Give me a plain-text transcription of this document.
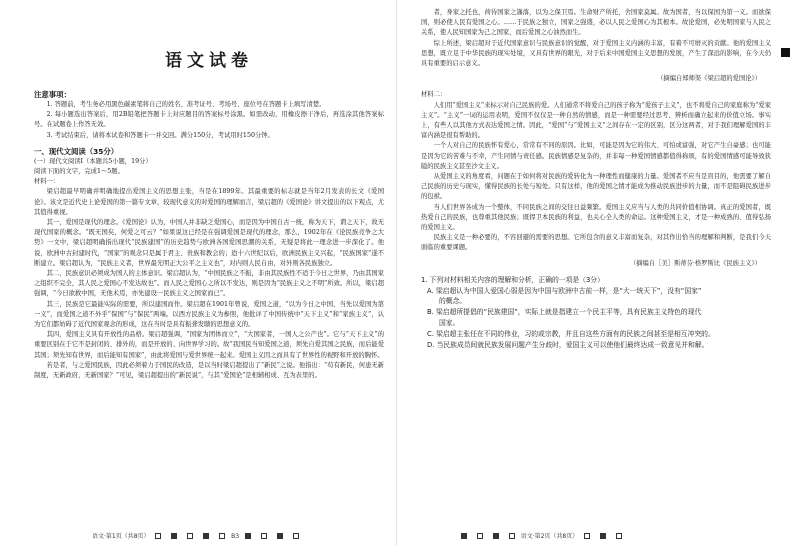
语文试卷
注意事项：

1. 答题前，考生务必用黑色碳素笔将自己的姓名、准考证号、考场号、座位号在答题卡上填写清楚。

2. 每小题选出答案后，用2B铅笔把答题卡上对应题目的答案标号涂黑。如需改动，用橡皮擦干净后，再选涂其他答案标号。在试题卷上作答无效。

3. 考试结束后，请将本试卷和答题卡一并交回。满分150分，考试用时150分钟。

一、现代文阅读（35分）

(一）现代文阅读Ⅰ（本题共5小题，19分）

阅读下面的文字，完成1～5题。

材料一：

梁启超最早明确并明确地提出爱国主义的思想主张，当是在1899年。其最重要的标志就是当年2月发表的长文《爱国论》。该文是近代史上论爱国的第一篇专文章，较现代意义的对爱国的理解而言，梁启超的《爱国论》讲文提出的以下观点，尤其值得重视。

其一，爱国是现代的理念。《爱国论》认为，中国人并非缺乏爱国心，而是因为中国自古一统，称为天下，谓之天下，故无现代国家的概念。“既无国矣，何爱之可云？”如果说这已经是在强调爱国是现代的理念，那么，1902年在《论民族竞争之大势》一文中，梁启超明确指出现代“民族建国”的历史趋势与欧洲各国爱国思潮的关系，无疑是将此一理念进一步深化了。他说，欧洲中古封建时代，“国家”的观念只是属于君主、贵族和教会的；迨十六世纪以后，欧洲民族主义兴起，“民族国家”遂不断建立。梁启超认为，“民族主义者，世界最光明正大公平之主义也”，对内则人民自由，对外则各民族独立。

其二，民族意识必须成为国人的主体意识。梁启超认为，“中国民族之不振，非由其民族性不适于今日之世界，乃由其国家之组织不完全，其人民之爱国心不发达故也”。而人民之爱国心之所以不发达，则是因为“民族主义之不明”所致。所以，梁启超强调，“今日欲救中国，无他术焉，亦先建设一民族主义之国家而已”。

其三，民族是它最能实际的需要，所以建国而作。梁启超在1901年曾说，爱国之道，“以为今日之中国，当先以爱国为第一义”，而爱国之道不外乎“保国”与“保民”两端。以西方民族主义为参照，他批评了中国传统中“天下主义”和“家族主义”，认为它们都妨碍了近代国家观念的形成，这在当时是具有振聋发聩的思想意义的。

其四，爱国主义具有开放性的品格。梁启超强调，“国家为团体而立”，“大国家者，一国人之公产也”。它与“天下主义”的重要区别在于它不是封闭的、排外的，而是开放的、向世界学习的。故“我国民当知爱国之道，须先自爱其国之民族，而后能爱其国；须先知有世界，而后能知有国家”，由此将爱国与爱世界统一起来。爱国主义因之而具有了世界性的视野和开放的胸怀。

若是者，与之爱国民族，因此必须着力于国民的改造，是以当时梁启超提出了“新民”之说。他指出：“苟有新民，何患无新制度，无新政府，无新国家？”可见，梁启超提出的“新民说”，与其“爱国论”是相辅相成、互为表里的。

语文·第1页（共8页）	B3

者，身家之托也，荷待国家之籓落，以为之保卫焉。生命财产所托，舍国家莫属。故为国者，当以保国为第一义。而欲保国，则必使人民有爱国之心。……于民族之独立，国家之强盛，必以人民之爱国心为其根本。故论爱国，必先明国家与人民之关系，使人民知国家为己之国家，而后爱国之心油然而生。

综上所述，梁启超对于近代国家意识与民族意识的觉醒，对于爱国主义内涵的丰富，有着不可磨灭的贡献。他的爱国主义思想，既立足于中华民族的现实处境，又具有世界的眼光，对于后来中国爱国主义思想的发展，产生了深远的影响，在今天仍具有重要的启示意义。

（摘编自郑师渠《梁启超的爱国论》）

材料二：

人们用“爱国主义”来标示对自己民族的爱。人们通常不将爱自己的孩子称为“爱孩子主义”，也不将爱自己的家庭称为“爱家主义”。“主义”一词的运用表明，爱国不仅仅是一种自然的情感，而是一种需要经过思考、辨析而确立起来的价值立场。事实上，有些人以其他方式表达爱国之情。因此，“爱国”与“爱国主义”之间存在一定的区别，区分这两者，对于我们理解爱国的丰富内涵是很有帮助的。

一个人对自己的民族怀有爱心，常常有不同的原因。比如，可能是因为它的伟大、可怕或富强，对它产生自豪感；也可能是因为它的苦难与不幸，产生同情与责任感。民族情感是复杂的，并非每一种爱国情感都值得称颂，有的爱国情感可能导致狭隘的民族主义甚至沙文主义。

从爱国主义的角度看，问题在于如何将对民族的爱转化为一种理性而健康的力量。爱国者不应当是盲目的，他需要了解自己民族的历史与现实，懂得民族的长处与短处。只有这样，他的爱国之情才能成为推动民族进步的力量，而不是阻碍民族进步的包袱。

当人们世界各成为一个整体，不同民族之间的交往日益频繁。爱国主义应当与人类的共同价值相协调。真正的爱国者，既热爱自己的民族，也尊重其他民族；既捍卫本民族的利益，也关心全人类的命运。这种爱国主义，才是一种成熟的、值得弘扬的爱国主义。

民族主义是一种必要的，不容回避的需要的思想。它所包含的意义丰富而复杂，对其作出恰当的理解和判断，是我们今天面临的重要课题。

（摘编自［美］斯蒂芬·格罗斯比《民族主义》）
1. 下列对材料相关内容的理解和分析，正确的一项是（3分）
A. 梁启超认为中国人爱国心弱是因为中国与欧洲中古前一样，是“大一统天下”，没有“国家”
的概念。
B. 梁启超所提倡的“民族建国”，实际上就是指建立一个民主平等，具有民族主义特色的现代
国家。
C. 梁启超主张任在不同的伟业，习的或宗教，并且自这些方面有的民族之间甚至是相互冲突的。
D. 当民族成员间就民族发展问题产生分歧时，爱国主义可以使他们最终达成一致意见并和解。
语文·第2页（共8页）
